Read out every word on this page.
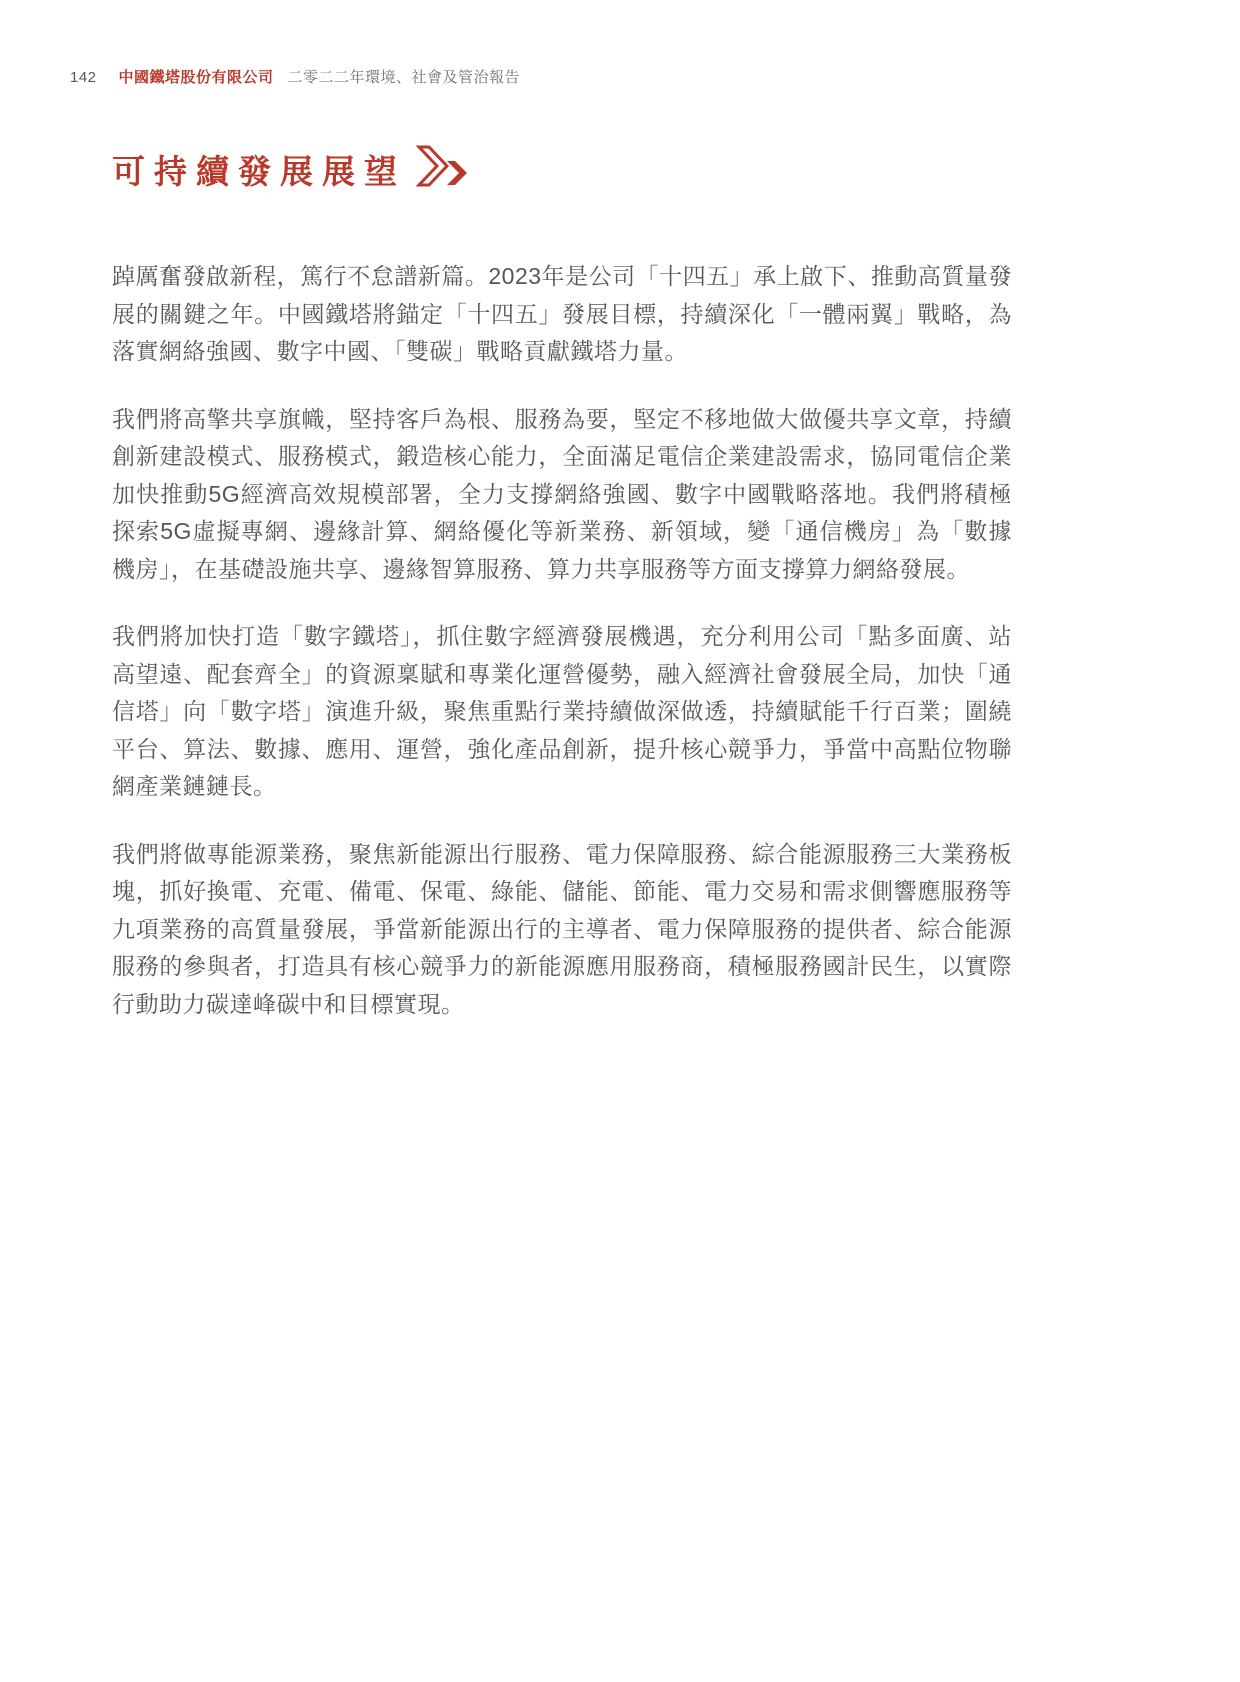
142 中國鐵塔股份有限公司 二零二二年環境、社會及管治報告
可持續發展展望

踔厲奮發啟新程，篤行不怠譜新篇。2023年是公司「十四五」承上啟下、推動高質量發展的關鍵之年。中國鐵塔將錨定「十四五」發展目標，持續深化「一體兩翼」戰略，為落實網絡強國、數字中國、「雙碳」戰略貢獻鐵塔力量。

我們將高擎共享旗幟，堅持客戶為根、服務為要，堅定不移地做大做優共享文章，持續創新建設模式、服務模式，鍛造核心能力，全面滿足電信企業建設需求，協同電信企業加快推動5G經濟高效規模部署，全力支撐網絡強國、數字中國戰略落地。我們將積極探索5G虛擬專網、邊緣計算、網絡優化等新業務、新領域，變「通信機房」為「數據機房」，在基礎設施共享、邊緣智算服務、算力共享服務等方面支撐算力網絡發展。

我們將加快打造「數字鐵塔」，抓住數字經濟發展機遇，充分利用公司「點多面廣、站高望遠、配套齊全」的資源稟賦和專業化運營優勢，融入經濟社會發展全局，加快「通信塔」向「數字塔」演進升級，聚焦重點行業持續做深做透，持續賦能千行百業；圍繞平台、算法、數據、應用、運營，強化產品創新，提升核心競爭力，爭當中高點位物聯網產業鏈鏈長。

我們將做專能源業務，聚焦新能源出行服務、電力保障服務、綜合能源服務三大業務板塊，抓好換電、充電、備電、保電、綠能、儲能、節能、電力交易和需求側響應服務等九項業務的高質量發展，爭當新能源出行的主導者、電力保障服務的提供者、綜合能源服務的參與者，打造具有核心競爭力的新能源應用服務商，積極服務國計民生，以實際行動助力碳達峰碳中和目標實現。
